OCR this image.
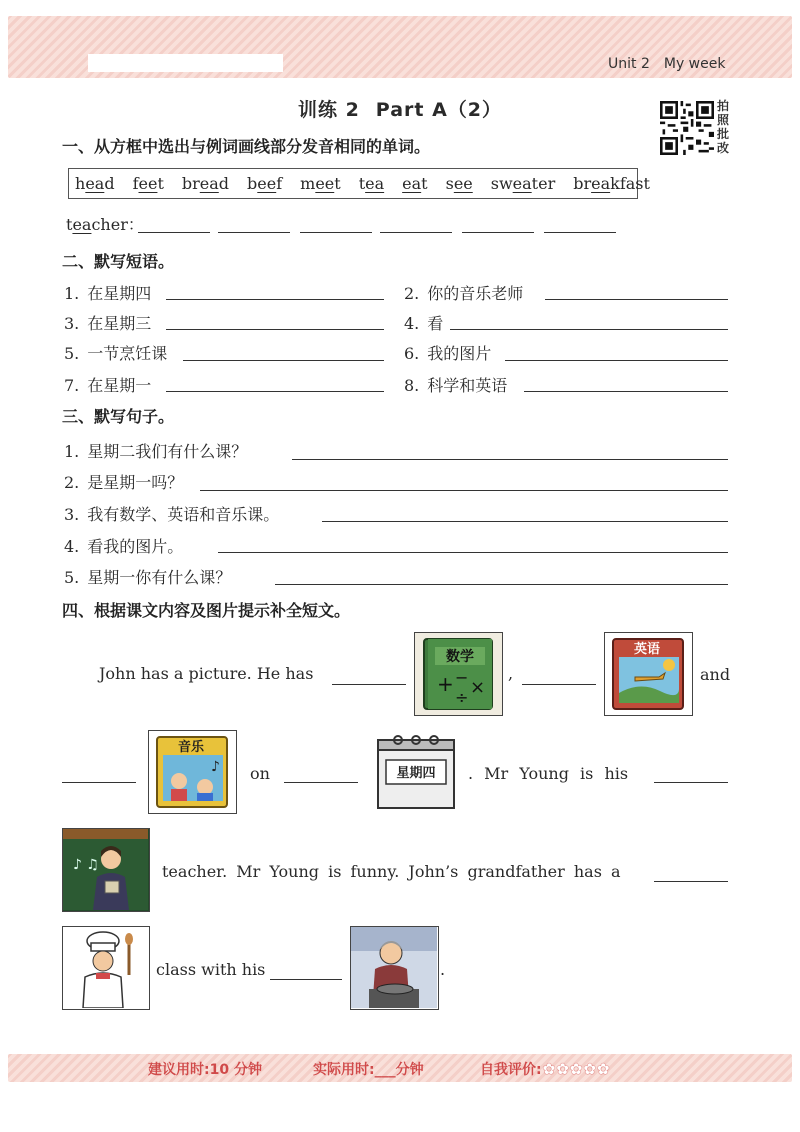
Unit 2 My week
训练 2 Part A（2）	拍
照
批
改
一、从方框中选出与例词画线部分发音相同的单词。
head feet bread beef meet tea eat see sweater breakfast
teacher：
二、默写短语。
1. 在星期四	2. 你的音乐老师
3. 在星期三	4. 看
5. 一节烹饪课	6. 我的图片
7. 在星期一	8. 科学和英语
三、默写句子。
1. 星期二我们有什么课？
2. 是星期一吗？
3. 我有数学、英语和音乐课。
4. 看我的图片。
5. 星期一你有什么课？
四、根据课文内容及图片提示补全短文。
John has a picture. He has
数学
+ − ×
÷
,
英语
and
♪
音乐
on	星期四 . Mr Young is his
♪ ♫	teacher. Mr Young is funny. John’s grandfather has a
class with his	.
建议用时:10 分钟	实际用时:___分钟	自我评价:✿✿✿✿✿
